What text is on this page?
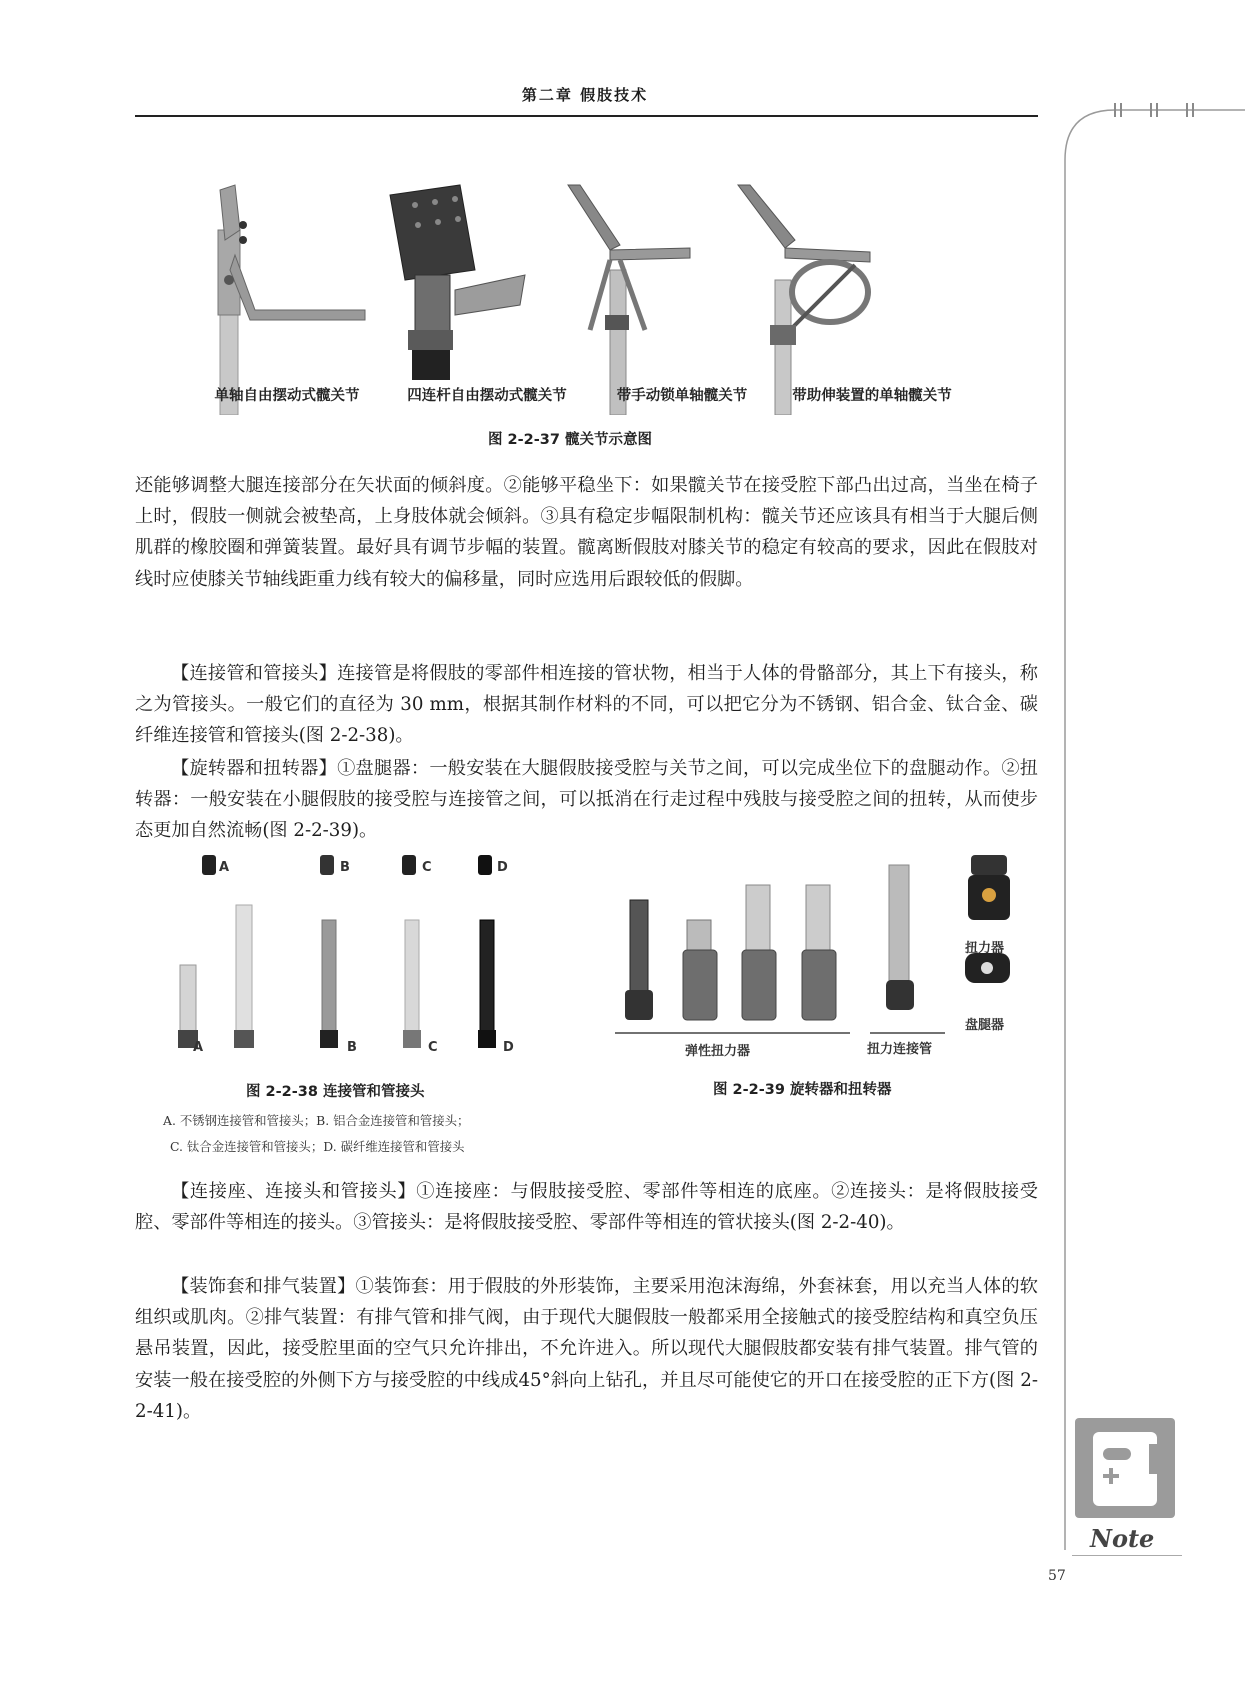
第二章 假肢技术
Note
单轴自由摆动式髋关节	四连杆自由摆动式髋关节	带手动锁单轴髋关节	带助伸装置的单轴髋关节
图 2-2-37 髋关节示意图

还能够调整大腿连接部分在矢状面的倾斜度。②能够平稳坐下：如果髋关节在接受腔下部凸出过高，当坐在椅子上时，假肢一侧就会被垫高，上身肢体就会倾斜。③具有稳定步幅限制机构：髋关节还应该具有相当于大腿后侧肌群的橡胶圈和弹簧装置。最好具有调节步幅的装置。髋离断假肢对膝关节的稳定有较高的要求，因此在假肢对线时应使膝关节轴线距重力线有较大的偏移量，同时应选用后跟较低的假脚。

【连接管和管接头】连接管是将假肢的零部件相连接的管状物，相当于人体的骨骼部分，其上下有接头，称之为管接头。一般它们的直径为 30 mm，根据其制作材料的不同，可以把它分为不锈钢、铝合金、钛合金、碳纤维连接管和管接头(图 2-2-38)。

【旋转器和扭转器】①盘腿器：一般安装在大腿假肢接受腔与关节之间，可以完成坐位下的盘腿动作。②扭转器：一般安装在小腿假肢的接受腔与连接管之间，可以抵消在行走过程中残肢与接受腔之间的扭转，从而使步态更加自然流畅(图 2-2-39)。

A
A
B
B
C
C
D
D
图 2-2-38 连接管和管接头
A. 不锈钢连接管和管接头；B. 铝合金连接管和管接头；
C. 钛合金连接管和管接头；D. 碳纤维连接管和管接头
弹性扭力器	扭力连接管
扭力器
盘腿器
图 2-2-39 旋转器和扭转器

【连接座、连接头和管接头】①连接座：与假肢接受腔、零部件等相连的底座。②连接头：是将假肢接受腔、零部件等相连的接头。③管接头：是将假肢接受腔、零部件等相连的管状接头(图 2-2-40)。

【装饰套和排气装置】①装饰套：用于假肢的外形装饰，主要采用泡沫海绵，外套袜套，用以充当人体的软组织或肌肉。②排气装置：有排气管和排气阀，由于现代大腿假肢一般都采用全接触式的接受腔结构和真空负压悬吊装置，因此，接受腔里面的空气只允许排出，不允许进入。所以现代大腿假肢都安装有排气装置。排气管的安装一般在接受腔的外侧下方与接受腔的中线成45°斜向上钻孔，并且尽可能使它的开口在接受腔的正下方(图 2-2-41)。

57
